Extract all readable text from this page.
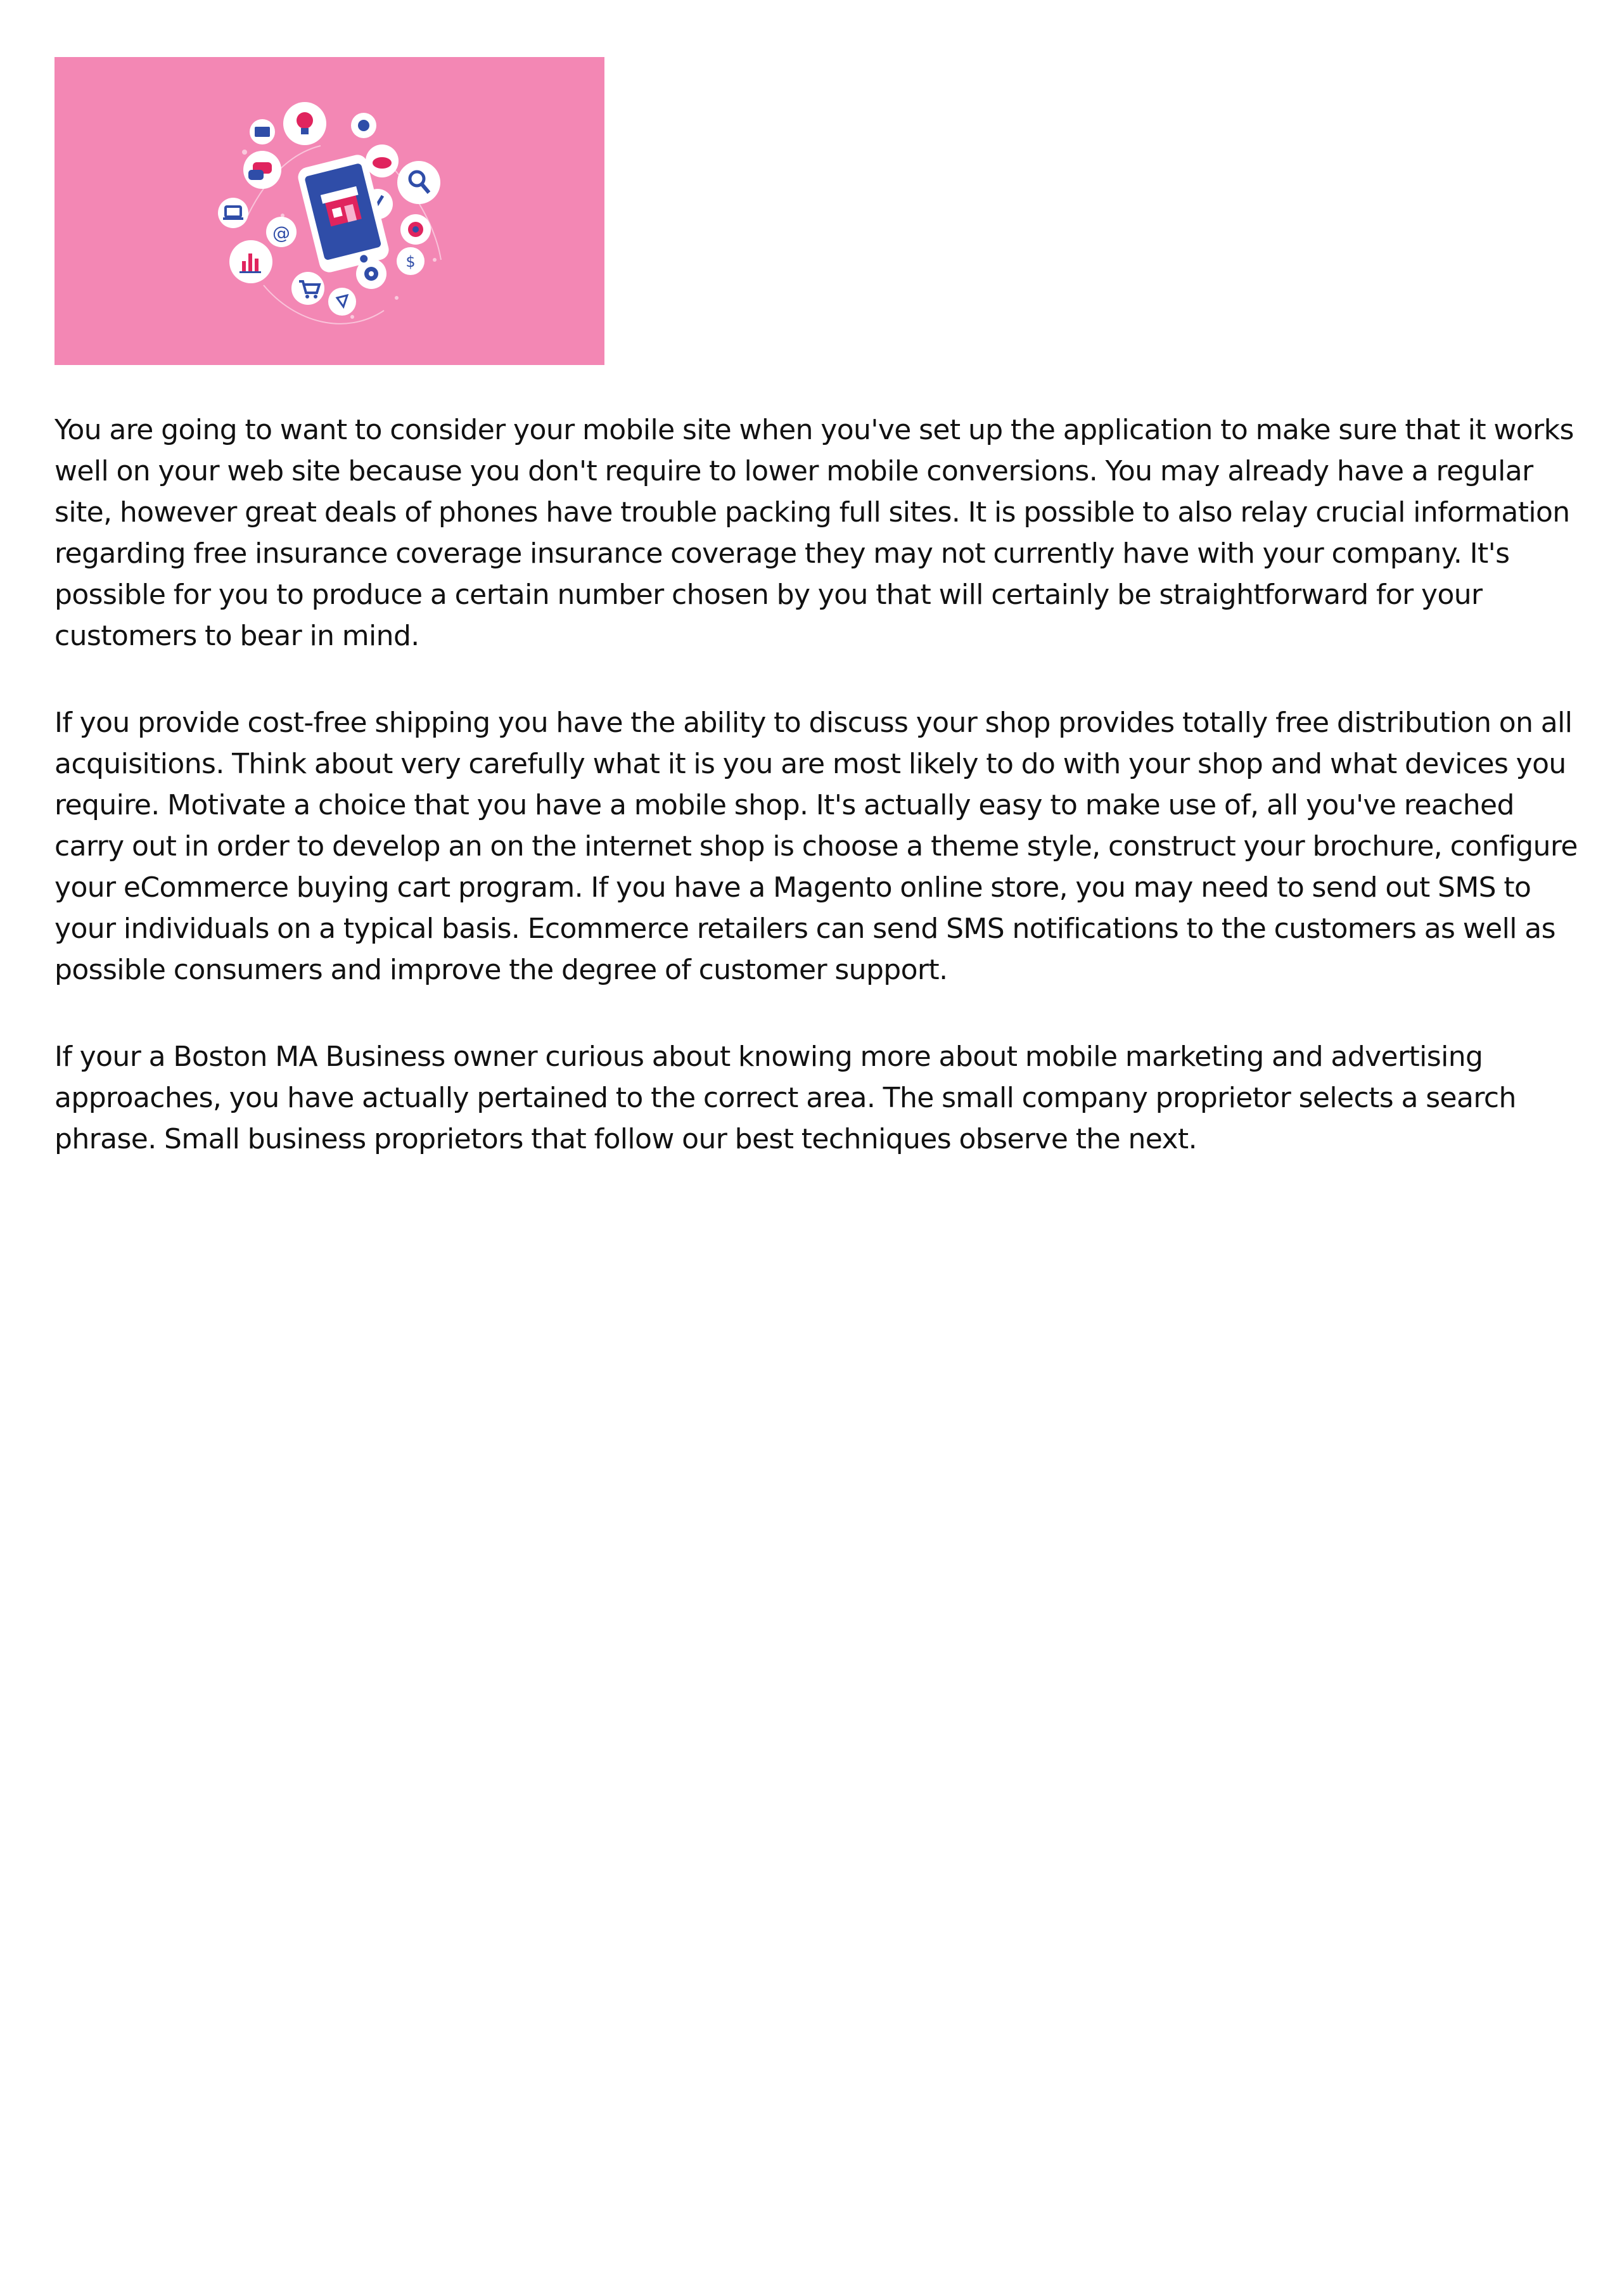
@
$

You are going to want to consider your mobile site when you've set up the application to make sure that it works well on your web site because you don't require to lower mobile conversions. You may already have a regular site, however great deals of phones have trouble packing full sites. It is possible to also relay crucial information regarding free insurance coverage insurance coverage they may not currently have with your company. It's possible for you to produce a certain number chosen by you that will certainly be straightforward for your customers to bear in mind.

If you provide cost-free shipping you have the ability to discuss your shop provides totally free distribution on all acquisitions. Think about very carefully what it is you are most likely to do with your shop and what devices you require. Motivate a choice that you have a mobile shop. It's actually easy to make use of, all you've reached carry out in order to develop an on the internet shop is choose a theme style, construct your brochure, configure your eCommerce buying cart program. If you have a Magento online store, you may need to send out SMS to your individuals on a typical basis. Ecommerce retailers can send SMS notifications to the customers as well as possible consumers and improve the degree of customer support.

If your a Boston MA Business owner curious about knowing more about mobile marketing and advertising approaches, you have actually pertained to the correct area. The small company proprietor selects a search phrase. Small business proprietors that follow our best techniques observe the next.
